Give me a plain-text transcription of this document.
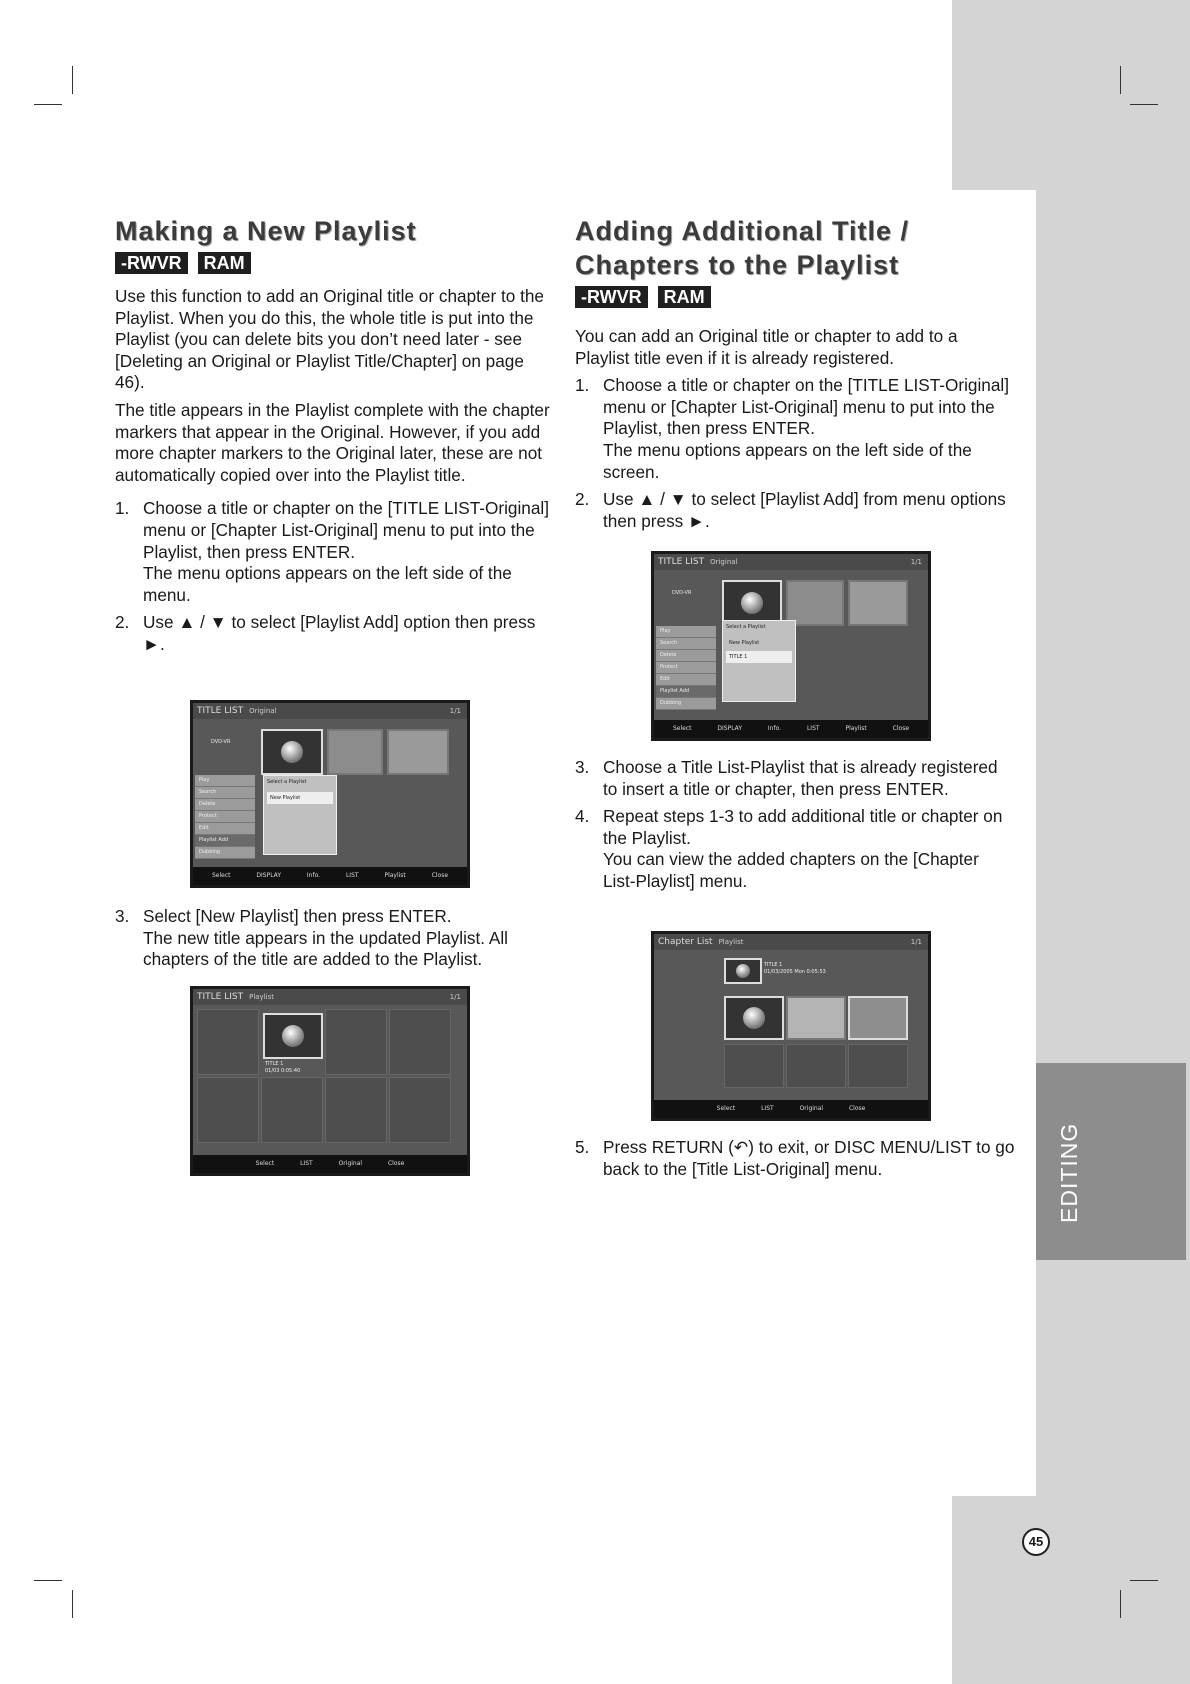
EDITING
45
Making a New Playlist
-RWVR RAM

Use this function to add an Original title or chapter to the Playlist. When you do this, the whole title is put into the Playlist (you can delete bits you don’t need later - see [Deleting an Original or Playlist Title/Chapter] on page 46).

The title appears in the Playlist complete with the chapter markers that appear in the Original. However, if you add more chapter markers to the Original later, these are not automatically copied over into the Playlist title.

1. Choose a title or chapter on the [TITLE LIST-Original] menu or [Chapter List-Original] menu to put into the Playlist, then press ENTER.
The menu options appears on the left side of the menu.
2. Use ▲ / ▼ to select [Playlist Add] option then press ►.
TITLE LIST Original	1/1
DVD-VR
Play
Search
Delete
Protect
Edit
Playlist Add
Dubbing
Select a Playlist
New Playlist
Select DISPLAY Info. LIST Playlist Close
3. Select [New Playlist] then press ENTER.
The new title appears in the updated Playlist. All chapters of the title are added to the Playlist.
TITLE LIST Playlist	1/1
TITLE 1
01/03 0:05:40
Select LIST Original Close
Adding Additional Title /
Chapters to the Playlist
-RWVR RAM

You can add an Original title or chapter to add to a Playlist title even if it is already registered.

1. Choose a title or chapter on the [TITLE LIST-Original] menu or [Chapter List-Original] menu to put into the Playlist, then press ENTER.
The menu options appears on the left side of the screen.
2. Use ▲ / ▼ to select [Playlist Add] from menu options then press ►.
TITLE LIST Original	1/1
DVD-VR
Play
Search
Delete
Protect
Edit
Playlist Add
Dubbing
Select a Playlist
New Playlist
TITLE 1
Select DISPLAY Info. LIST Playlist Close
3. Choose a Title List-Playlist that is already registered to insert a title or chapter, then press ENTER.
4. Repeat steps 1-3 to add additional title or chapter on the Playlist.
You can view the added chapters on the [Chapter List-Playlist] menu.
Chapter List Playlist	1/1
TITLE 1
01/03/2005 Mon 0:05:53
Select LIST Original Close
5. Press RETURN (↶) to exit, or DISC MENU/LIST to go back to the [Title List-Original] menu.
